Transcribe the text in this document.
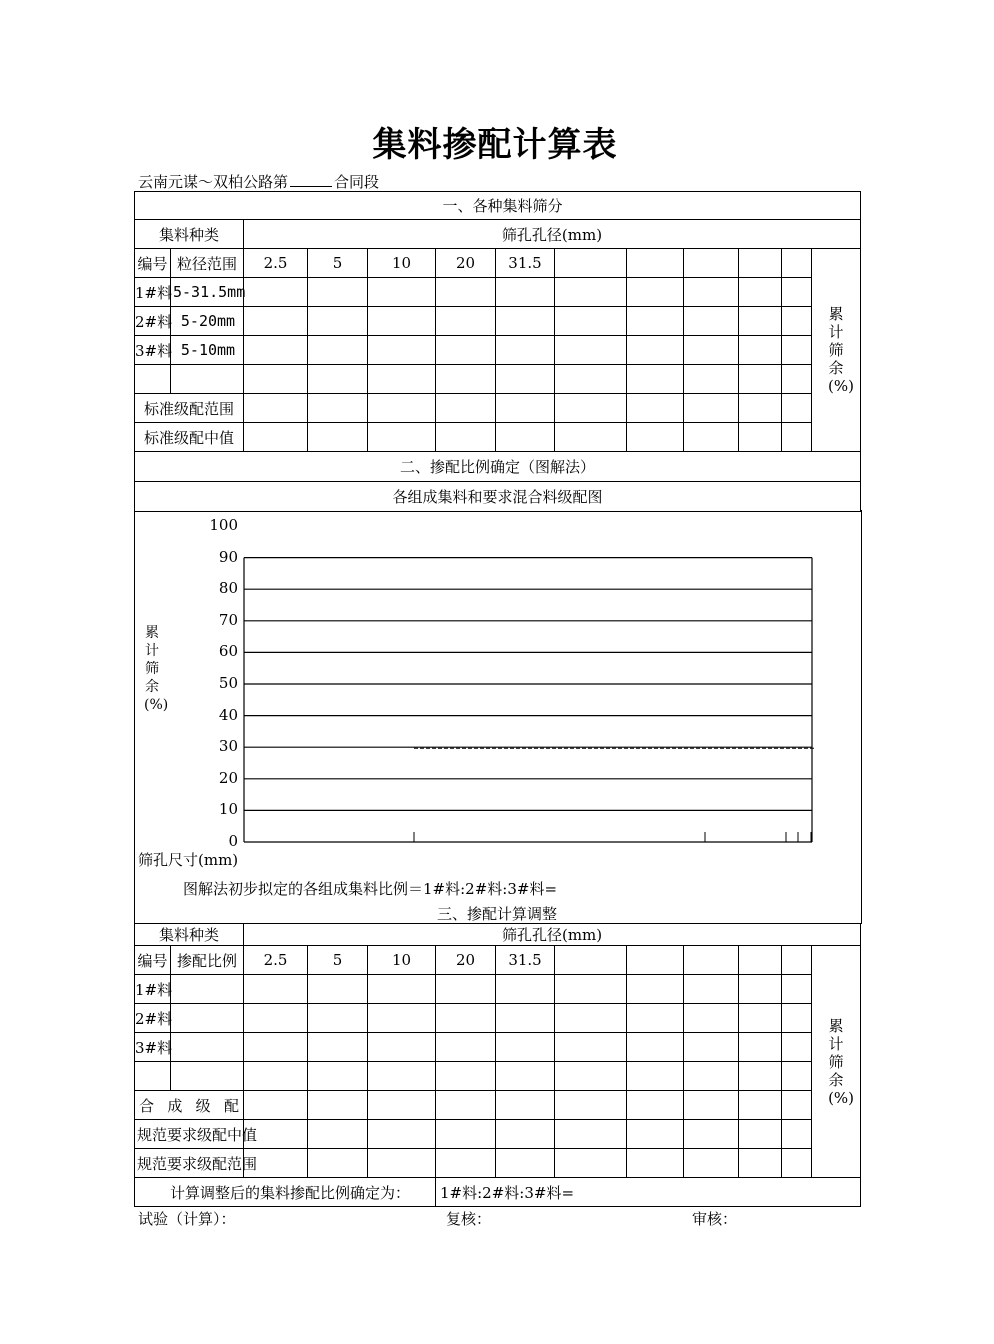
集料掺配计算表
云南元谋～双柏公路第	合同段
一、各种集料筛分												
集料种类		筛孔孔径(mm)										
编号	粒径范围	2.5	5	10	20	31.5						累计筛余(%)
1#料	5-31.5mm											
2#料	5-20mm											
3#料	5-10mm											

标准级配范围												
标准级配中值												
二、掺配比例确定（图解法）												
各组成集料和要求混合料级配图												
累计筛余(%)
100
90
80
70
60
50
40
30
20
10
0
筛孔尺寸(mm)
图解法初步拟定的各组成集料比例＝1#料:2#料:3#料=
三、掺配计算调整
集料种类		筛孔孔径(mm)										
编号	掺配比例	2.5	5	10	20	31.5						累计筛余(%)
1#料												
2#料												
3#料												

合成级配												
规范要求级配中值												
规范要求级配范围												
计算调整后的集料掺配比例确定为：					1#料:2#料:3#料=							
试验（计算）：	复核：	审核：
